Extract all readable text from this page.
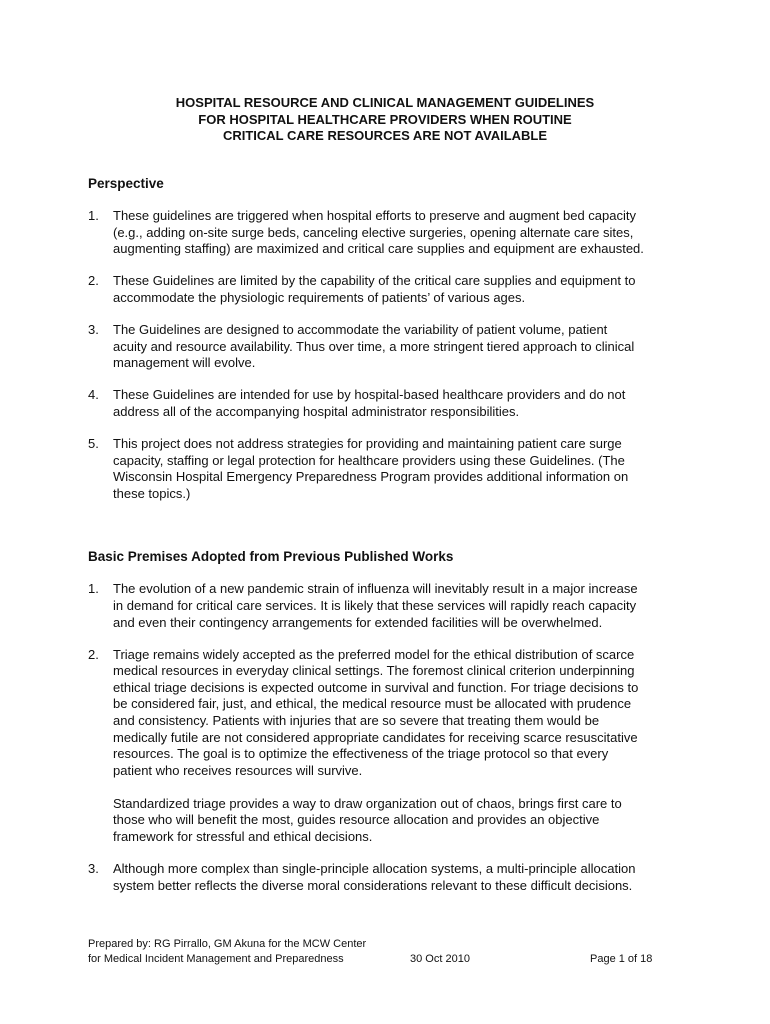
HOSPITAL RESOURCE AND CLINICAL MANAGEMENT GUIDELINES
FOR HOSPITAL HEALTHCARE PROVIDERS WHEN ROUTINE
CRITICAL CARE RESOURCES ARE NOT AVAILABLE
Perspective
1. These guidelines are triggered when hospital efforts to preserve and augment bed capacity
(e.g., adding on-site surge beds, canceling elective surgeries, opening alternate care sites,
augmenting staffing) are maximized and critical care supplies and equipment are exhausted.
2. These Guidelines are limited by the capability of the critical care supplies and equipment to
accommodate the physiologic requirements of patients’ of various ages.
3. The Guidelines are designed to accommodate the variability of patient volume, patient
acuity and resource availability. Thus over time, a more stringent tiered approach to clinical
management will evolve.
4. These Guidelines are intended for use by hospital-based healthcare providers and do not
address all of the accompanying hospital administrator responsibilities.
5. This project does not address strategies for providing and maintaining patient care surge
capacity, staffing or legal protection for healthcare providers using these Guidelines. (The
Wisconsin Hospital Emergency Preparedness Program provides additional information on
these topics.)
Basic Premises Adopted from Previous Published Works
1. The evolution of a new pandemic strain of influenza will inevitably result in a major increase
in demand for critical care services. It is likely that these services will rapidly reach capacity
and even their contingency arrangements for extended facilities will be overwhelmed.
2. Triage remains widely accepted as the preferred model for the ethical distribution of scarce
medical resources in everyday clinical settings. The foremost clinical criterion underpinning
ethical triage decisions is expected outcome in survival and function. For triage decisions to
be considered fair, just, and ethical, the medical resource must be allocated with prudence
and consistency. Patients with injuries that are so severe that treating them would be
medically futile are not considered appropriate candidates for receiving scarce resuscitative
resources. The goal is to optimize the effectiveness of the triage protocol so that every
patient who receives resources will survive.
Standardized triage provides a way to draw organization out of chaos, brings first care to
those who will benefit the most, guides resource allocation and provides an objective
framework for stressful and ethical decisions.
3. Although more complex than single-principle allocation systems, a multi-principle allocation
system better reflects the diverse moral considerations relevant to these difficult decisions.
Prepared by: RG Pirrallo, GM Akuna for the MCW Center
for Medical Incident Management and Preparedness	30 Oct 2010	Page 1 of 18
